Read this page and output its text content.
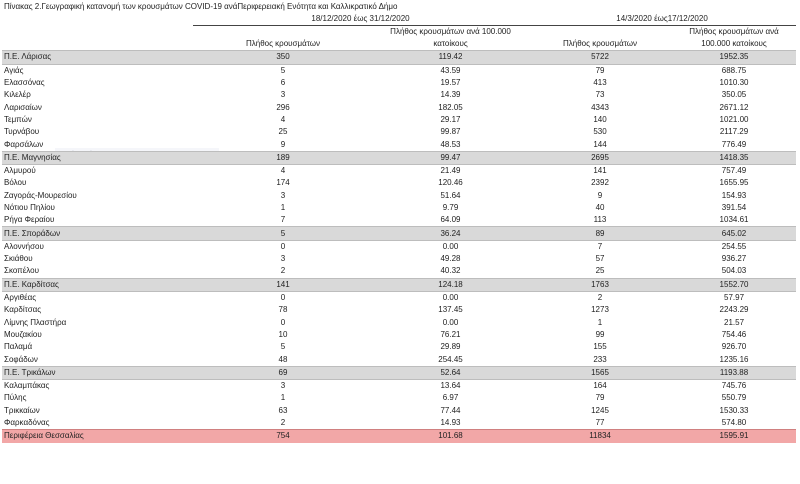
Πίνακας 2.Γεωγραφική κατανομή των κρουσμάτων COVID-19 ανάΠεριφερειακή Ενότητα και Καλλικρατικό Δήμο
	18/12/2020 έως 31/12/2020		14/3/2020 έως17/12/2020	
	Πλήθος κρουσμάτων	Πλήθος κρουσμάτων ανά 100.000 κατοίκους	Πλήθος κρουσμάτων	Πλήθος κρουσμάτων ανά 100.000 κατοίκους
Π.Ε. Λάρισας	350	119.42	5722	1952.35
Αγιάς	5	43.59	79	688.75
Ελασσόνας	6	19.57	413	1010.30
Κιλελέρ	3	14.39	73	350.05
Λαρισαίων	296	182.05	4343	2671.12
Τεμπών	4	29.17	140	1021.00
Τυρνάβου	25	99.87	530	2117.29
Φαρσάλων	9	48.53	144	776.49
Π.Ε. Μαγνησίας	189	99.47	2695	1418.35
Αλμυρού	4	21.49	141	757.49
Βόλου	174	120.46	2392	1655.95
Ζαγοράς-Μουρεσίου	3	51.64	9	154.93
Νότιου Πηλίου	1	9.79	40	391.54
Ρήγα Φεραίου	7	64.09	113	1034.61
Π.Ε. Σποράδων	5	36.24	89	645.02
Αλοννήσου	0	0.00	7	254.55
Σκιάθου	3	49.28	57	936.27
Σκοπέλου	2	40.32	25	504.03
Π.Ε. Καρδίτσας	141	124.18	1763	1552.70
Αργιθέας	0	0.00	2	57.97
Καρδίτσας	78	137.45	1273	2243.29
Λίμνης Πλαστήρα	0	0.00	1	21.57
Μουζακίου	10	76.21	99	754.46
Παλαμά	5	29.89	155	926.70
Σοφάδων	48	254.45	233	1235.16
Π.Ε. Τρικάλων	69	52.64	1565	1193.88
Καλαμπάκας	3	13.64	164	745.76
Πύλης	1	6.97	79	550.79
Τρικκαίων	63	77.44	1245	1530.33
Φαρκαδόνας	2	14.93	77	574.80
Περιφέρεια Θεσσαλίας	754	101.68	11834	1595.91
